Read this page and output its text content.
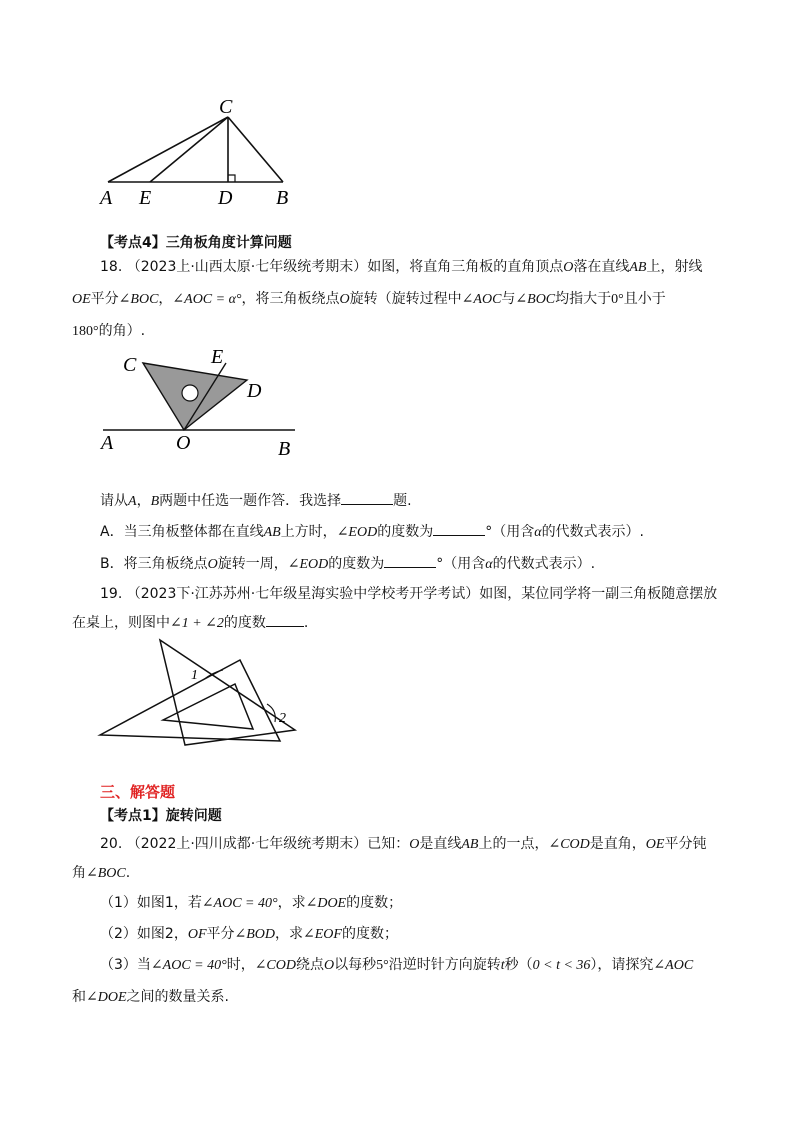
C
A E	D B
【考点4】三角板角度计算问题
18. （2023上·山西太原·七年级统考期末）如图，将直角三角板的直角顶点O落在直线AB上，射线
OE平分∠BOC，∠AOC = α°，将三角板绕点O旋转（旋转过程中∠AOC与∠BOC均指大于0°且小于
180°的角）.
C	E
D
A	O	B
请从A，B两题中任选一题作答．我选择	题.
A．当三角板整体都在直线AB上方时，∠EOD的度数为	°（用含α的代数式表示）.
B．将三角板绕点O旋转一周，∠EOD的度数为	°（用含α的代数式表示）.
19. （2023下·江苏苏州·七年级星海实验中学校考开学考试）如图，某位同学将一副三角板随意摆放
在桌上，则图中∠1 + ∠2的度数	.
1
2
三、解答题
【考点1】旋转问题
20. （2022上·四川成都·七年级统考期末）已知：O是直线AB上的一点，∠COD是直角，OE平分钝
角∠BOC.
（1）如图1，若∠AOC = 40°，求∠DOE的度数；
（2）如图2，OF平分∠BOD，求∠EOF的度数；
（3）当∠AOC = 40°时，∠COD绕点O以每秒5°沿逆时针方向旋转t秒（0 < t < 36），请探究∠AOC
和∠DOE之间的数量关系.
